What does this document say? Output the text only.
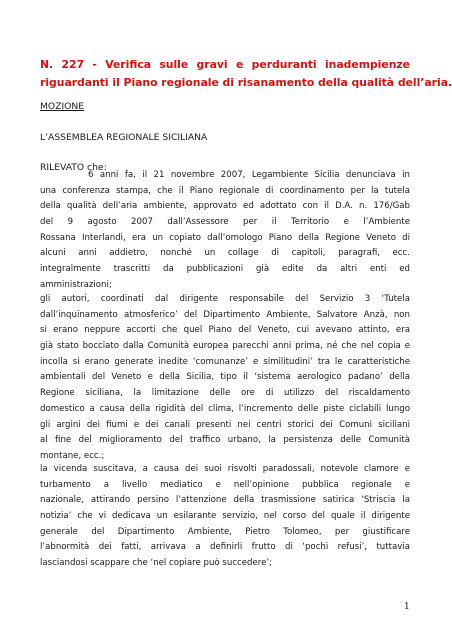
N. 227 - Verifica sulle gravi e perduranti inadempienze
riguardanti il Piano regionale di risanamento della qualità dell’aria.
MOZIONE
L’ASSEMBLEA REGIONALE SICILIANA
RILEVATO che:
6 anni fa, il 21 novembre 2007, Legambiente Sicilia denunciava in
una conferenza stampa, che il Piano regionale di coordinamento per la tutela
della qualità dell’aria ambiente, approvato ed adottato con il D.A. n. 176/Gab
del 9 agosto 2007 dall’Assessore per il Territorio e l’Ambiente
Rossana Interlandi, era un copiato dall’omologo Piano della Regione Veneto di
alcuni anni addietro, nonché un collage di capitoli, paragrafi, ecc.
integralmente trascritti da pubblicazioni già edite da altri enti ed
amministrazioni;
gli autori, coordinati dal dirigente responsabile del Servizio 3 ‘Tutela
dall’inquinamento atmosferico’ del Dipartimento Ambiente, Salvatore Anzà, non
si erano neppure accorti che quel Piano del Veneto, cui avevano attinto, era
già stato bocciato dalla Comunità europea parecchi anni prima, né che nel copia e
incolla si erano generate inedite ‘comunanze’ e similitudini’ tra le caratteristiche
ambientali del Veneto e della Sicilia, tipo il ‘sistema aerologico padano’ della
Regione siciliana, la limitazione delle ore di utilizzo del riscaldamento
domestico a causa della rigidità del clima, l’incremento delle piste ciclabili lungo
gli argini dei fiumi e dei canali presenti nei centri storici dei Comuni siciliani
al fine del miglioramento del traffico urbano, la persistenza delle Comunità
montane, ecc.;
la vicenda suscitava, a causa dei suoi risvolti paradossali, notevole clamore e
turbamento a livello mediatico e nell’opinione pubblica regionale e
nazionale, attirando persino l’attenzione della trasmissione satirica ‘Striscia la
notizia’ che vi dedicava un esilarante servizio, nel corso del quale il dirigente
generale del Dipartimento Ambiente, Pietro Tolomeo, per giustificare
l’abnormità dei fatti, arrivava a definirli frutto di ‘pochi refusi’, tuttavia
lasciandosi scappare che ‘nel copiare può succedere’;
1
